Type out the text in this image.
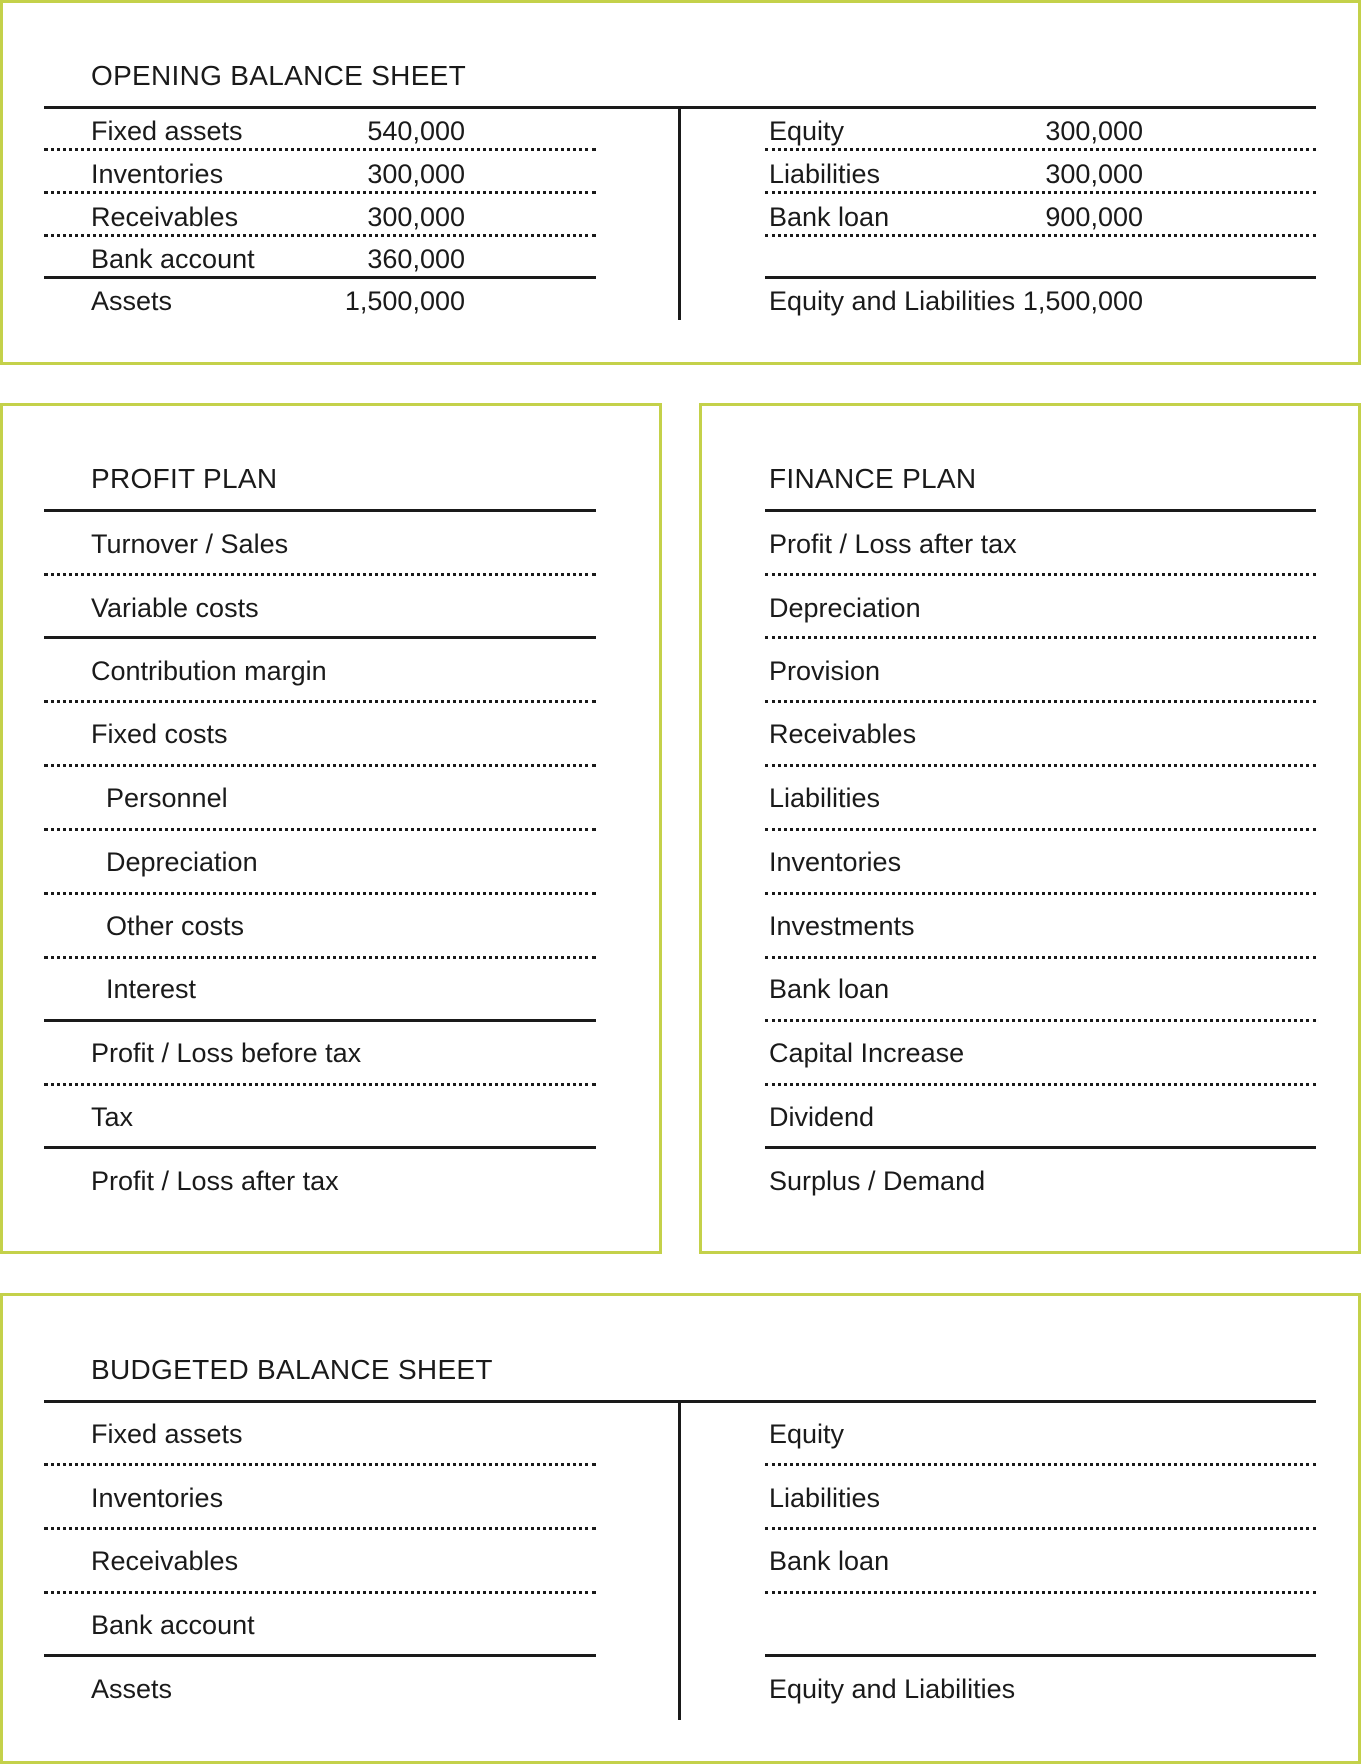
OPENING BALANCE SHEET
Fixed assets	540,000
Inventories	300,000
Receivables	300,000
Bank account	360,000
Assets	1,500,000
Equity	300,000
Liabilities	300,000
Bank loan	900,000
Equity and Liabilities 1,500,000
PROFIT PLAN
Turnover / Sales
Variable costs
Contribution margin
Fixed costs
Personnel
Depreciation
Other costs
Interest
Profit / Loss before tax
Tax
Profit / Loss after tax
FINANCE PLAN
Profit / Loss after tax
Depreciation
Provision
Receivables
Liabilities
Inventories
Investments
Bank loan
Capital Increase
Dividend
Surplus / Demand
BUDGETED BALANCE SHEET
Fixed assets
Inventories
Receivables
Bank account
Assets
Equity
Liabilities
Bank loan
Equity and Liabilities
